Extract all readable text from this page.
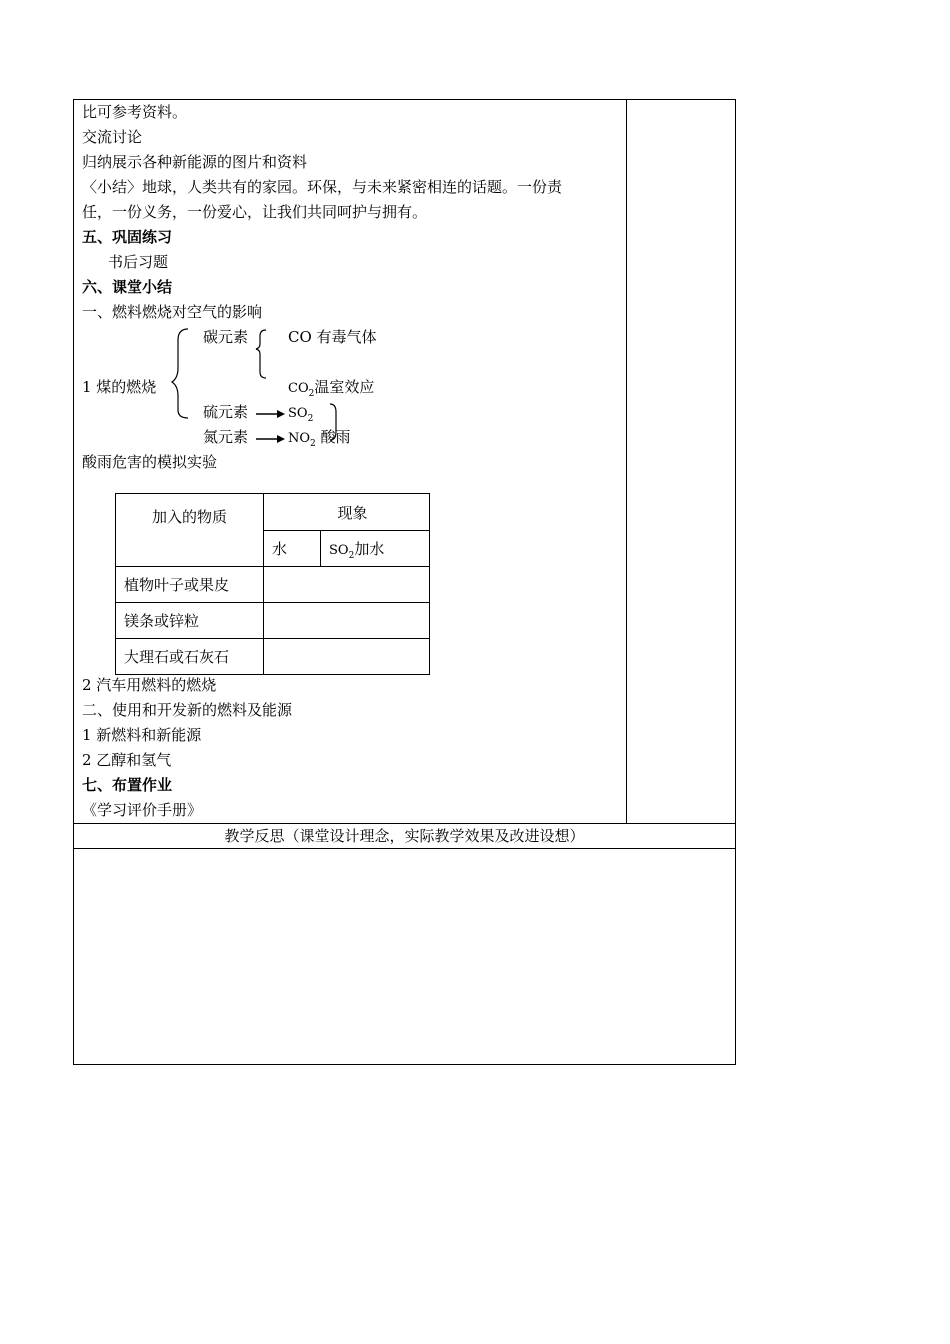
比可参考资料。
交流讨论
归纳展示各种新能源的图片和资料
〈小结〉地球，人类共有的家园。环保，与未来紧密相连的话题。一份责
任，一份义务，一份爱心，让我们共同呵护与拥有。
五、巩固练习
书后习题
六、课堂小结
一、燃料燃烧对空气的影响
1 煤的燃烧
碳元素	CO 有毒气体
$CO_2$温室效应
硫元素	$SO_2$
氮元素	$NO_2$ 酸雨
酸雨危害的模拟实验
加入的物质	现象	
	水	$SO_2$加水
植物叶子或果皮		
镁条或锌粒		
大理石或石灰石		
2 汽车用燃料的燃烧
二、使用和开发新的燃料及能源
1 新燃料和新能源
2 乙醇和氢气
七、布置作业
《学习评价手册》
教学反思（课堂设计理念，实际教学效果及改进设想）
